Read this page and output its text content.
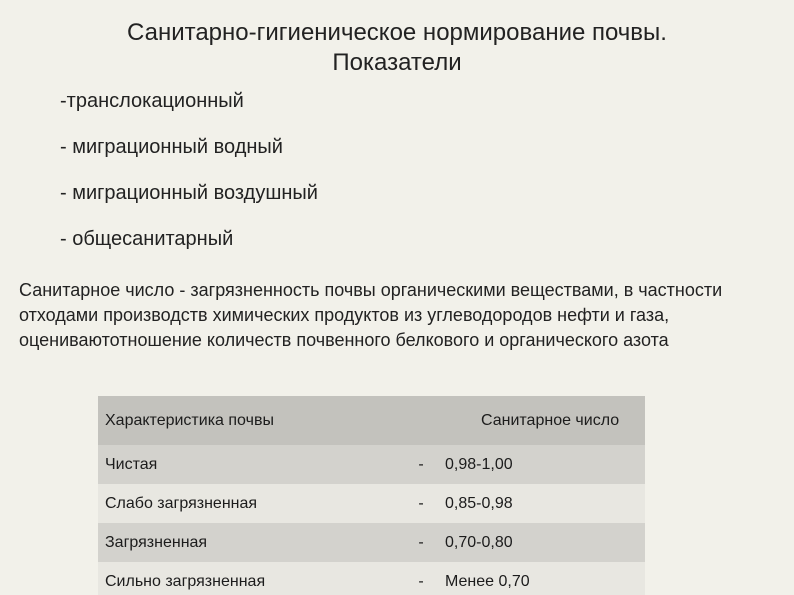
Санитарно-гигиеническое нормирование почвы.
Показатели
-транслокационный
- миграционный водный
- миграционный воздушный
- общесанитарный
Санитарное число - загрязненность почвы органическими веществами, в частности отходами производств химических продуктов из углеводородов нефти и газа, оцениваютотношение количеств почвенного белкового и органического азота
Характеристика почвы		Санитарное число
Чистая	-	0,98-1,00
Слабо загрязненная	-	0,85-0,98
Загрязненная	-	0,70-0,80
Сильно загрязненная	-	Менее 0,70
